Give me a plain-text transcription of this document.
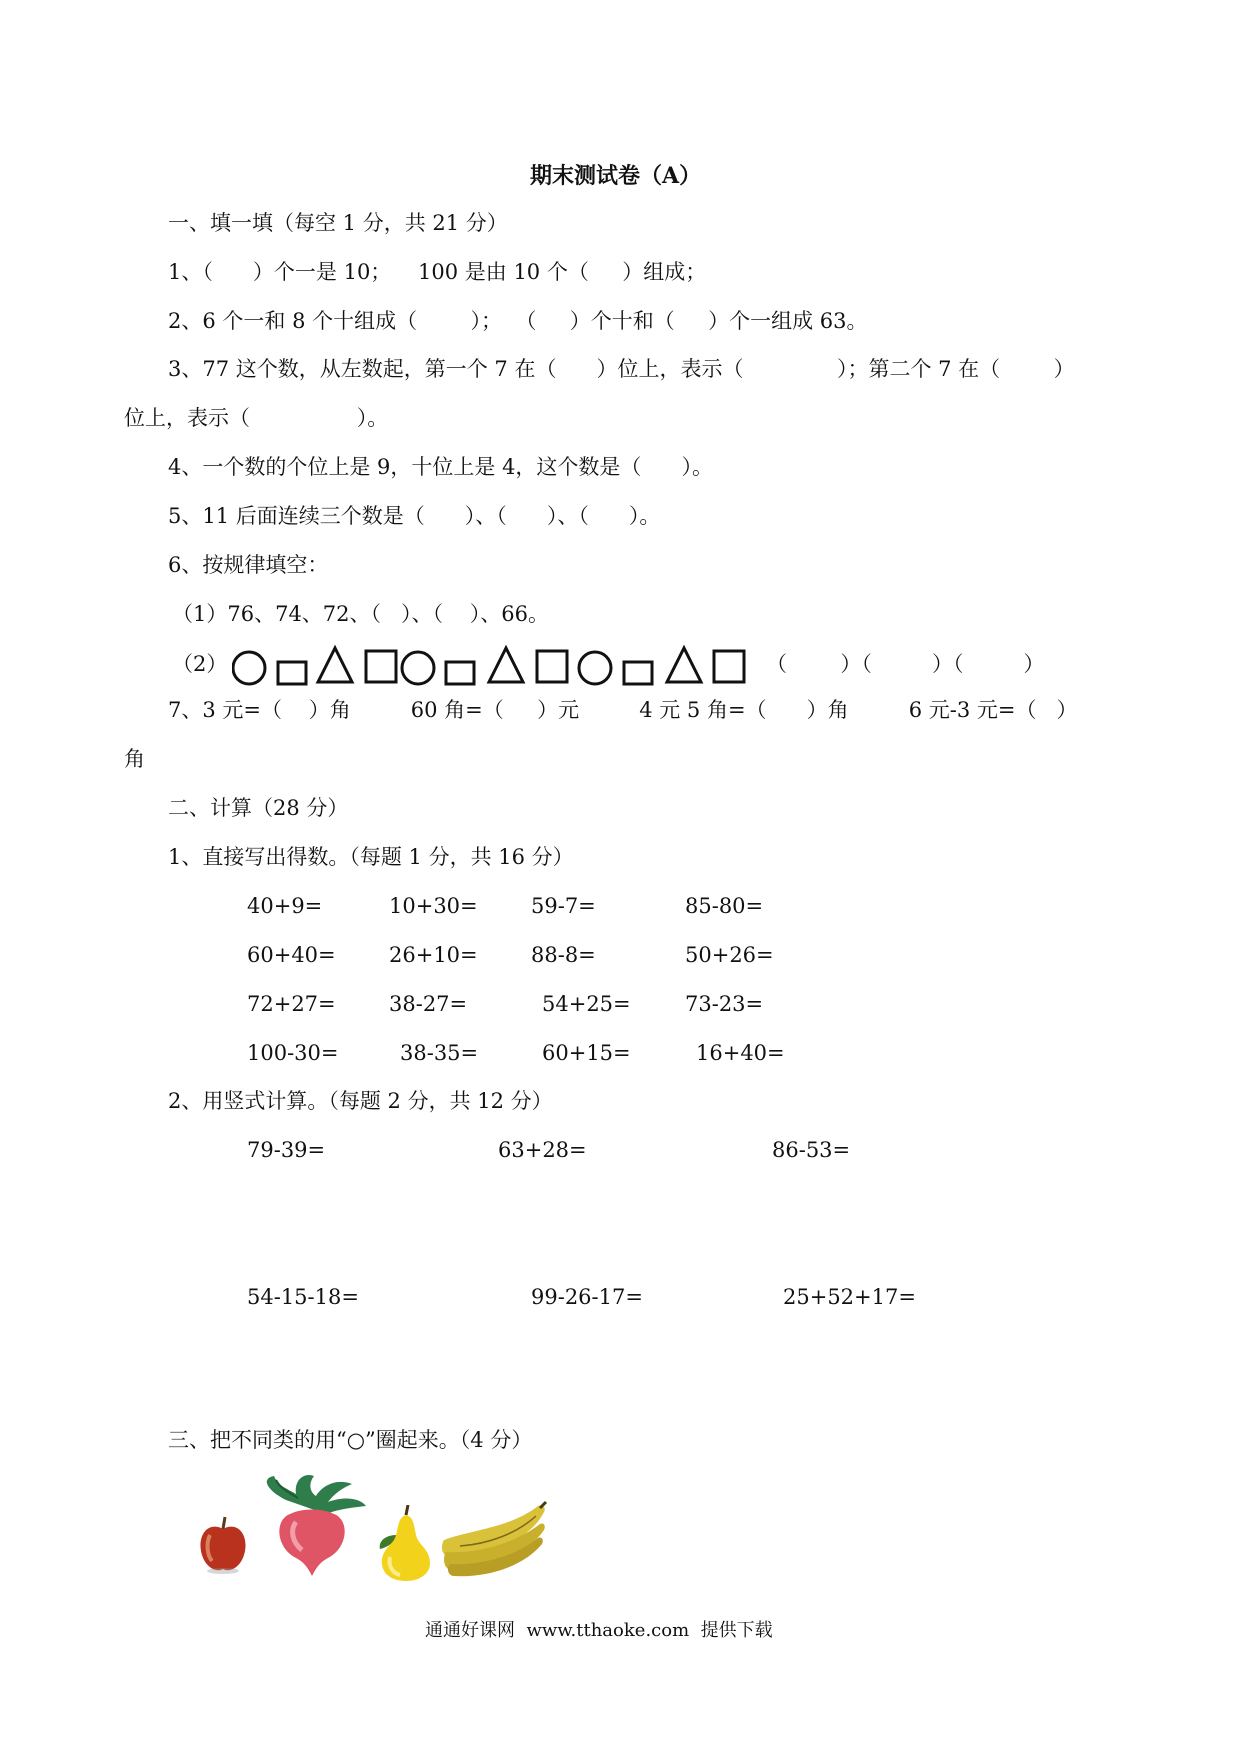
期末测试卷（A）
一、填一填（每空 1 分，共 21 分）
1、（      ）个一是 10；    100 是由 10 个（     ）组成；
2、6 个一和 8 个十组成（        ）；  （     ）个十和（     ）个一组成 63。
3、77 这个数，从左数起，第一个 7 在（      ）位上，表示（              ）；第二个 7 在（        ）
位上，表示（                ）。
4、一个数的个位上是 9，十位上是 4，这个数是（      ）。
5、11 后面连续三个数是（      ）、（      ）、（      ）。
6、按规律填空：
（1）76、74、72、（   ）、（    ）、66。
（2）	（        ）（         ）（         ）
7、3 元=（    ）角         60 角=（     ）元         4 元 5 角=（      ）角         6 元-3 元=（   ）
角
二、计算（28 分）
1、直接写出得数。（每题 1 分，共 16 分）
40+9=	10+30=	59-7=	85-80=
60+40=	26+10=	88-8=	50+26=
72+27=	38-27=	54+25=	73-23=
100-30=	38-35=	60+15=	16+40=
2、用竖式计算。（每题 2 分，共 12 分）
79-39=	63+28=	86-53=
54-15-18=	99-26-17=	25+52+17=
三、把不同类的用“○”圈起来。（4 分）
通通好课网  www.tthaoke.com  提供下载
